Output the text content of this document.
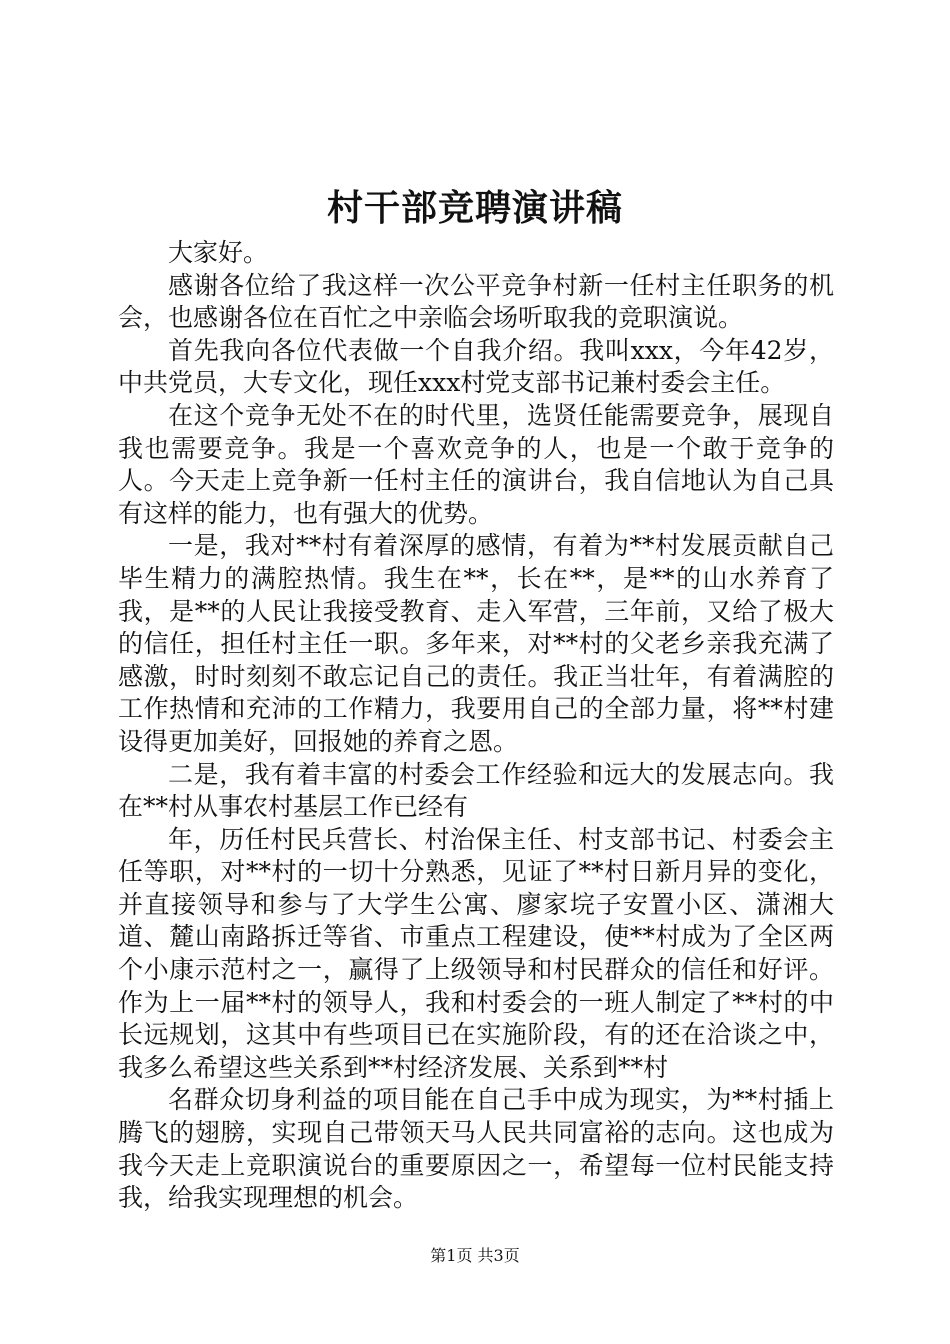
村干部竞聘演讲稿

大家好。

感谢各位给了我这样一次公平竞争村新一任村主任职务的机会，也感谢各位在百忙之中亲临会场听取我的竞职演说。

首先我向各位代表做一个自我介绍。我叫xxx，今年42岁，中共党员，大专文化，现任xxx村党支部书记兼村委会主任。

在这个竞争无处不在的时代里，选贤任能需要竞争，展现自我也需要竞争。我是一个喜欢竞争的人，也是一个敢于竞争的人。今天走上竞争新一任村主任的演讲台，我自信地认为自己具有这样的能力，也有强大的优势。

一是，我对**村有着深厚的感情，有着为**村发展贡献自己毕生精力的满腔热情。我生在**，长在**，是**的山水养育了我，是**的人民让我接受教育、走入军营，三年前，又给了极大的信任，担任村主任一职。多年来，对**村的父老乡亲我充满了感激，时时刻刻不敢忘记自己的责任。我正当壮年，有着满腔的工作热情和充沛的工作精力，我要用自己的全部力量，将**村建设得更加美好，回报她的养育之恩。

二是，我有着丰富的村委会工作经验和远大的发展志向。我在**村从事农村基层工作已经有

年，历任村民兵营长、村治保主任、村支部书记、村委会主任等职，对**村的一切十分熟悉，见证了**村日新月异的变化，并直接领导和参与了大学生公寓、廖家垸子安置小区、潇湘大道、麓山南路拆迁等省、市重点工程建设，使**村成为了全区两个小康示范村之一，赢得了上级领导和村民群众的信任和好评。作为上一届**村的领导人，我和村委会的一班人制定了**村的中长远规划，这其中有些项目已在实施阶段，有的还在洽谈之中，我多么希望这些关系到**村经济发展、关系到**村

名群众切身利益的项目能在自己手中成为现实，为**村插上腾飞的翅膀，实现自己带领天马人民共同富裕的志向。这也成为我今天走上竞职演说台的重要原因之一，希望每一位村民能支持我，给我实现理想的机会。

第1页 共3页
